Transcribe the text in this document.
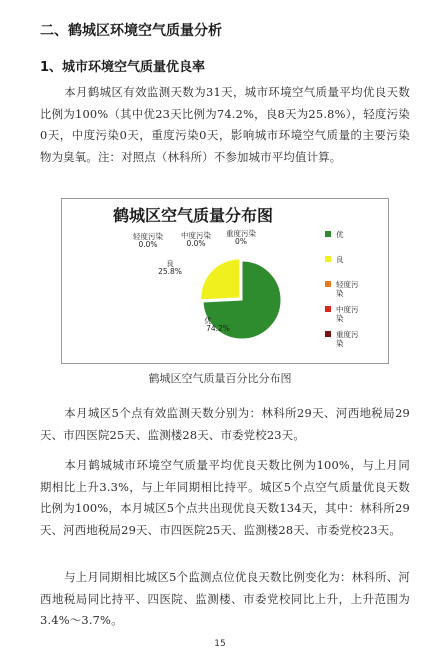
二、鹤城区环境空气质量分析
1、城市环境空气质量优良率
本月鹤城区有效监测天数为31天，城市环境空气质量平均优良天数比例为100%（其中优23天比例为74.2%，良8天为25.8%），轻度污染0天，中度污染0天，重度污染0天，影响城市环境空气质量的主要污染物为臭氧。注：对照点（林科所）不参加城市平均值计算。
鹤城区空气质量分布图
优
74.2%
良
25.8%
轻度污染
0.0%
中度污染
0.0%
重度污染
0%
优
良
轻度污染
中度污染
重度污染
鹤城区空气质量百分比分布图
本月城区5个点有效监测天数分别为：林科所29天、河西地税局29天、市四医院25天、监测楼28天、市委党校23天。
本月鹤城城市环境空气质量平均优良天数比例为100%，与上月同期相比上升3.3%，与上年同期相比持平。城区5个点空气质量优良天数比例为100%，本月城区5个点共出现优良天数134天，其中：林科所29天、河西地税局29天、市四医院25天、监测楼28天、市委党校23天。
与上月同期相比城区5个监测点位优良天数比例变化为：林科所、河西地税局同比持平、四医院、监测楼、市委党校同比上升，上升范围为3.4%～3.7%。
15
